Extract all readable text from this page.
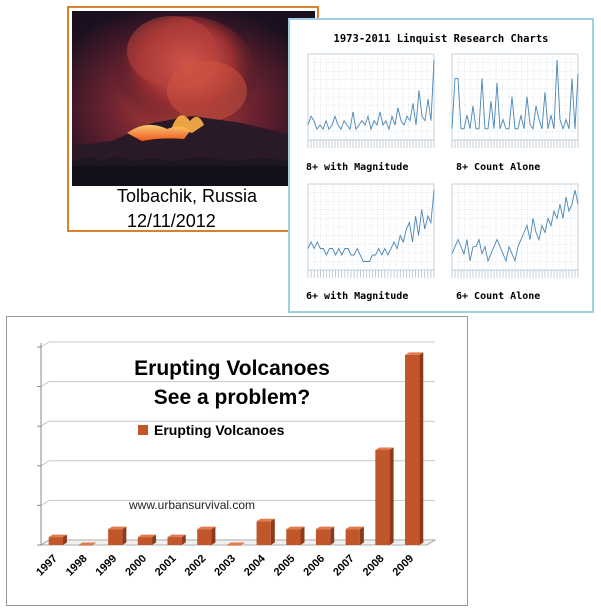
Tolbachik, Russia
12/11/2012
1973-2011 Linquist Research Charts
8+ with Magnitude	8+ Count Alone
6+ with Magnitude	6+ Count Alone
1997 1998 1999 2000 2001 2002 2003 2004 2005 2006 2007 2008 2009
Erupting Volcanoes
See a problem?
Erupting Volcanoes
www.urbansurvival.com
